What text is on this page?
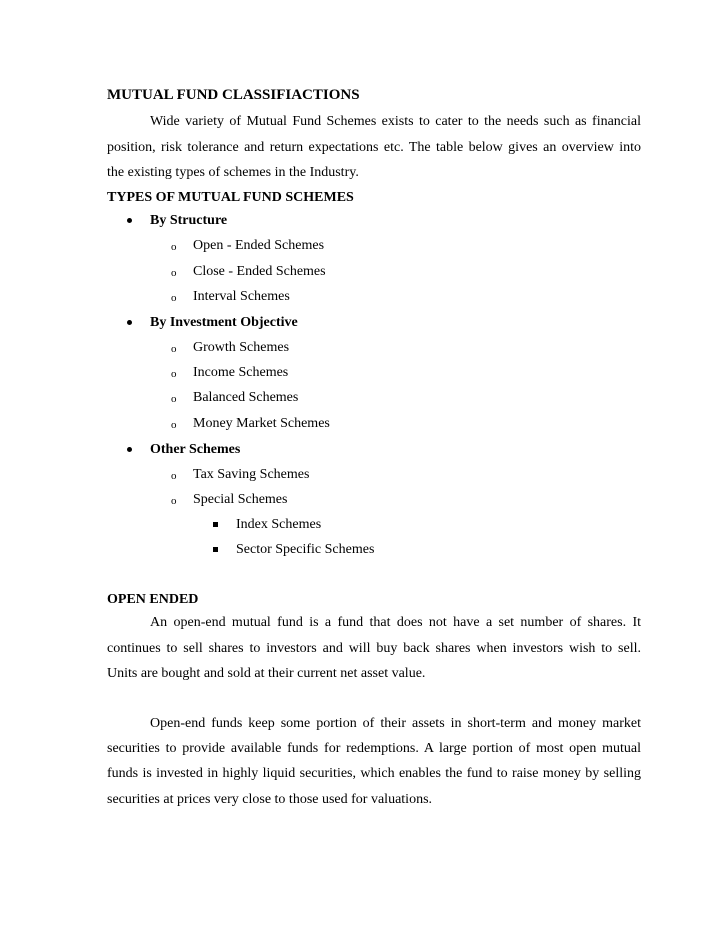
MUTUAL FUND CLASSIFIACTIONS
Wide variety of Mutual Fund Schemes exists to cater to the needs such as financial
position, risk tolerance and return expectations etc. The table below gives an overview into
the existing types of schemes in the Industry.
TYPES OF MUTUAL FUND SCHEMES
By Structure
o Open - Ended Schemes
o Close - Ended Schemes
o Interval Schemes
By Investment Objective
o Growth Schemes
o Income Schemes
o Balanced Schemes
o Money Market Schemes
Other Schemes
o Tax Saving Schemes
o Special Schemes
Index Schemes
Sector Specific Schemes
OPEN ENDED
An open-end mutual fund is a fund that does not have a set number of shares. It
continues to sell shares to investors and will buy back shares when investors wish to sell.
Units are bought and sold at their current net asset value.
Open-end funds keep some portion of their assets in short-term and money market
securities to provide available funds for redemptions. A large portion of most open mutual
funds is invested in highly liquid securities, which enables the fund to raise money by selling
securities at prices very close to those used for valuations.
